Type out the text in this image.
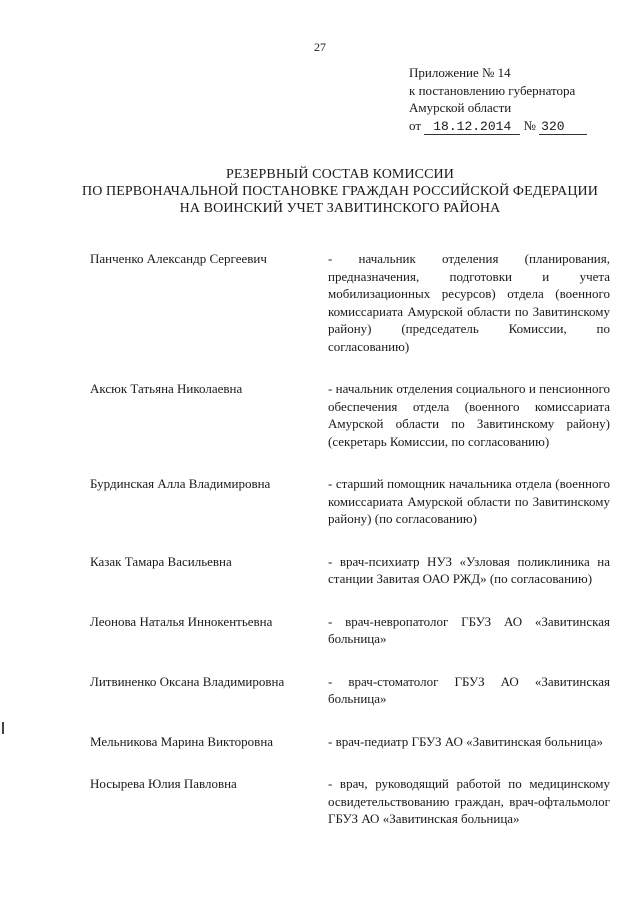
27
Приложение № 14
к постановлению губернатора
Амурской области
от 18.12.2014 № 320
РЕЗЕРВНЫЙ СОСТАВ КОМИССИИ
ПО ПЕРВОНАЧАЛЬНОЙ ПОСТАНОВКЕ ГРАЖДАН РОССИЙСКОЙ ФЕДЕРАЦИИ
НА ВОИНСКИЙ УЧЕТ ЗАВИТИНСКОГО РАЙОНА
Панченко Александр Сергеевич	- начальник отделения (планирования, предназначения, подготовки и учета мобилизационных ресурсов) отдела (военного комиссариата Амурской области по Завитинскому району) (председатель Комиссии, по согласованию)
Аксюк Татьяна Николаевна	- начальник отделения социального и пенсионного обеспечения отдела (военного комиссариата Амурской области по Завитинскому району) (секретарь Комиссии, по согласованию)
Бурдинская Алла Владимировна	- старший помощник начальника отдела (военного комиссариата Амурской области по Завитинскому району) (по согласованию)
Казак Тамара Васильевна	- врач-психиатр НУЗ «Узловая поликлиника на станции Завитая ОАО РЖД» (по согласованию)
Леонова Наталья Иннокентьевна	- врач-невропатолог ГБУЗ АО «Завитинская больница»
Литвиненко Оксана Владимировна	- врач-стоматолог ГБУЗ АО «Завитинская больница»
Мельникова Марина Викторовна	- врач-педиатр ГБУЗ АО «Завитинская больница»
Носырева Юлия Павловна	- врач, руководящий работой по медицинскому освидетельствованию граждан, врач-офтальмолог ГБУЗ АО «Завитинская больница»
